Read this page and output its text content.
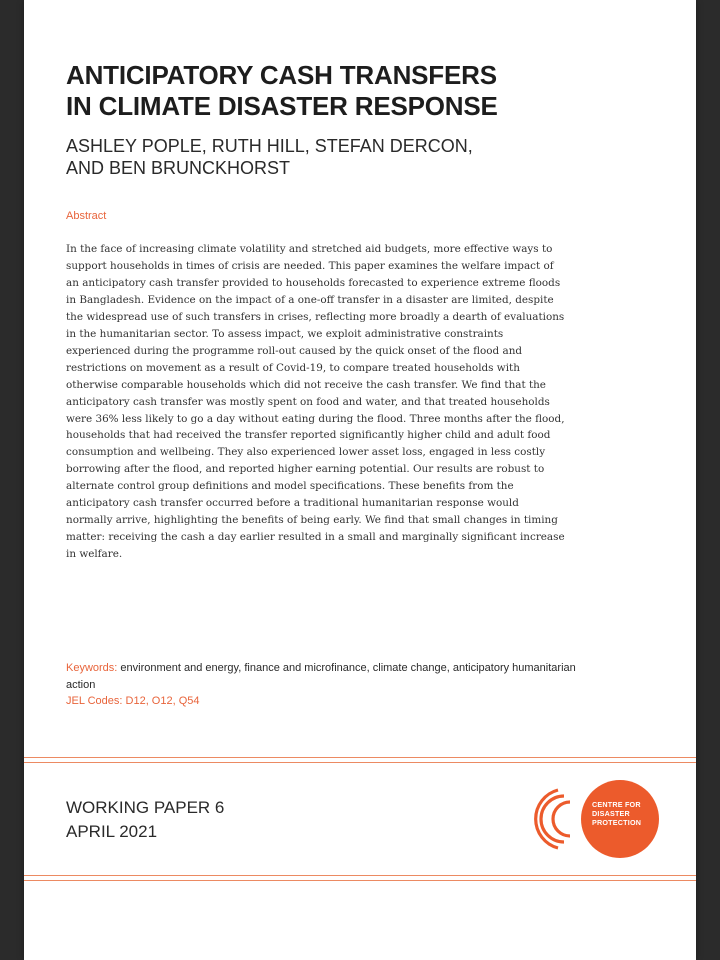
ANTICIPATORY CASH TRANSFERS
IN CLIMATE DISASTER RESPONSE
ASHLEY POPLE, RUTH HILL, STEFAN DERCON,
AND BEN BRUNCKHORST
Abstract

In the face of increasing climate volatility and stretched aid budgets, more effective ways to support households in times of crisis are needed. This paper examines the welfare impact of an anticipatory cash transfer provided to households forecasted to experience extreme floods in Bangladesh. Evidence on the impact of a one-off transfer in a disaster are limited, despite the widespread use of such transfers in crises, reflecting more broadly a dearth of evaluations in the humanitarian sector. To assess impact, we exploit administrative constraints experienced during the programme roll-out caused by the quick onset of the flood and restrictions on movement as a result of Covid-19, to compare treated households with otherwise comparable households which did not receive the cash transfer. We find that the anticipatory cash transfer was mostly spent on food and water, and that treated households were 36% less likely to go a day without eating during the flood. Three months after the flood, households that had received the transfer reported significantly higher child and adult food consumption and wellbeing. They also experienced lower asset loss, engaged in less costly borrowing after the flood, and reported higher earning potential. Our results are robust to alternate control group definitions and model specifications. These benefits from the anticipatory cash transfer occurred before a traditional humanitarian response would normally arrive, highlighting the benefits of being early. We find that small changes in timing matter: receiving the cash a day earlier resulted in a small and marginally significant increase in welfare.

Keywords: environment and energy, finance and microfinance, climate change, anticipatory humanitarian action
JEL Codes: D12, O12, Q54
WORKING PAPER 6
APRIL 2021
CENTRE FOR
DISASTER
PROTECTION
